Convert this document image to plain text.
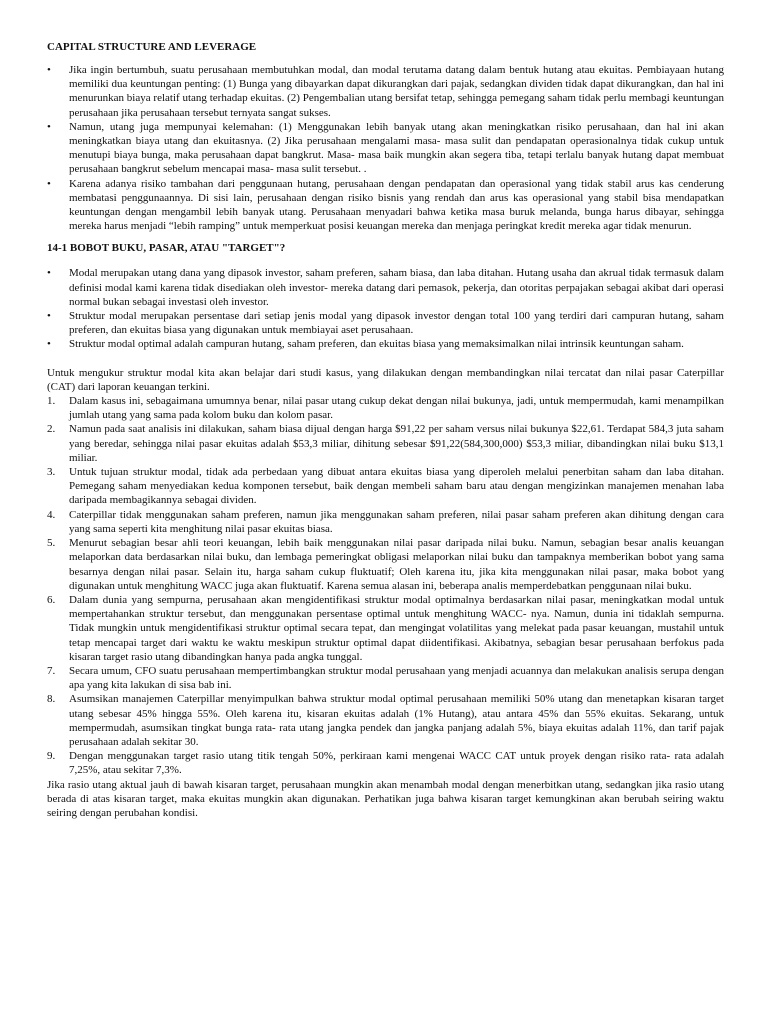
CAPITAL STRUCTURE AND LEVERAGE
•	Jika ingin bertumbuh, suatu perusahaan membutuhkan modal, dan modal terutama datang dalam bentuk hutang atau ekuitas. Pembiayaan hutang memiliki dua keuntungan penting: (1) Bunga yang dibayarkan dapat dikurangkan dari pajak, sedangkan dividen tidak dapat dikurangkan, dan hal ini menurunkan biaya relatif utang terhadap ekuitas. (2) Pengembalian utang bersifat tetap, sehingga pemegang saham tidak perlu membagi keuntungan perusahaan jika perusahaan tersebut ternyata sangat sukses.
•	Namun, utang juga mempunyai kelemahan: (1) Menggunakan lebih banyak utang akan meningkatkan risiko perusahaan, dan hal ini akan meningkatkan biaya utang dan ekuitasnya. (2) Jika perusahaan mengalami masa- masa sulit dan pendapatan operasionalnya tidak cukup untuk menutupi biaya bunga, maka perusahaan dapat bangkrut. Masa- masa baik mungkin akan segera tiba, tetapi terlalu banyak hutang dapat membuat perusahaan bangkrut sebelum mencapai masa- masa sulit tersebut. .
•	Karena adanya risiko tambahan dari penggunaan hutang, perusahaan dengan pendapatan dan operasional yang tidak stabil arus kas cenderung membatasi penggunaannya. Di sisi lain, perusahaan dengan risiko bisnis yang rendah dan arus kas operasional yang stabil bisa mendapatkan keuntungan dengan mengambil lebih banyak utang. Perusahaan menyadari bahwa ketika masa buruk melanda, bunga harus dibayar, sehingga mereka harus menjadi “lebih ramping” untuk memperkuat posisi keuangan mereka dan menjaga peringkat kredit mereka agar tidak menurun.
14-1 BOBOT BUKU, PASAR, ATAU "TARGET"?
•	Modal merupakan utang dana yang dipasok investor, saham preferen, saham biasa, dan laba ditahan. Hutang usaha dan akrual tidak termasuk dalam definisi modal kami karena tidak disediakan oleh investor- mereka datang dari pemasok, pekerja, dan otoritas perpajakan sebagai akibat dari operasi normal bukan sebagai investasi oleh investor.
•	Struktur modal merupakan persentase dari setiap jenis modal yang dipasok investor dengan total 100 yang terdiri dari campuran hutang, saham preferen, dan ekuitas biasa yang digunakan untuk membiayai aset perusahaan.
•	Struktur modal optimal adalah campuran hutang, saham preferen, dan ekuitas biasa yang memaksimalkan nilai intrinsik keuntungan saham.

Untuk mengukur struktur modal kita akan belajar dari studi kasus, yang dilakukan dengan membandingkan nilai tercatat dan nilai pasar Caterpillar (CAT) dari laporan keuangan terkini.

1.	Dalam kasus ini, sebagaimana umumnya benar, nilai pasar utang cukup dekat dengan nilai bukunya, jadi, untuk mempermudah, kami menampilkan jumlah utang yang sama pada kolom buku dan kolom pasar.
2.	Namun pada saat analisis ini dilakukan, saham biasa dijual dengan harga $91,22 per saham versus nilai bukunya $22,61. Terdapat 584,3 juta saham yang beredar, sehingga nilai pasar ekuitas adalah $53,3 miliar, dihitung sebesar $91,22(584,300,000) $53,3 miliar, dibandingkan nilai buku $13,1 miliar.
3.	Untuk tujuan struktur modal, tidak ada perbedaan yang dibuat antara ekuitas biasa yang diperoleh melalui penerbitan saham dan laba ditahan. Pemegang saham menyediakan kedua komponen tersebut, baik dengan membeli saham baru atau dengan mengizinkan manajemen menahan laba daripada membagikannya sebagai dividen.
4.	Caterpillar tidak menggunakan saham preferen, namun jika menggunakan saham preferen, nilai pasar saham preferen akan dihitung dengan cara yang sama seperti kita menghitung nilai pasar ekuitas biasa.
5.	Menurut sebagian besar ahli teori keuangan, lebih baik menggunakan nilai pasar daripada nilai buku. Namun, sebagian besar analis keuangan melaporkan data berdasarkan nilai buku, dan lembaga pemeringkat obligasi melaporkan nilai buku dan tampaknya memberikan bobot yang sama besarnya dengan nilai pasar. Selain itu, harga saham cukup fluktuatif; Oleh karena itu, jika kita menggunakan nilai pasar, maka bobot yang digunakan untuk menghitung WACC juga akan fluktuatif. Karena semua alasan ini, beberapa analis memperdebatkan penggunaan nilai buku.
6.	Dalam dunia yang sempurna, perusahaan akan mengidentifikasi struktur modal optimalnya berdasarkan nilai pasar, meningkatkan modal untuk mempertahankan struktur tersebut, dan menggunakan persentase optimal untuk menghitung WACC- nya. Namun, dunia ini tidaklah sempurna. Tidak mungkin untuk mengidentifikasi struktur optimal secara tepat, dan mengingat volatilitas yang melekat pada pasar keuangan, mustahil untuk tetap mencapai target dari waktu ke waktu meskipun struktur optimal dapat diidentifikasi. Akibatnya, sebagian besar perusahaan berfokus pada kisaran target rasio utang dibandingkan hanya pada angka tunggal.
7.	Secara umum, CFO suatu perusahaan mempertimbangkan struktur modal perusahaan yang menjadi acuannya dan melakukan analisis serupa dengan apa yang kita lakukan di sisa bab ini.
8.	Asumsikan manajemen Caterpillar menyimpulkan bahwa struktur modal optimal perusahaan memiliki 50% utang dan menetapkan kisaran target utang sebesar 45% hingga 55%. Oleh karena itu, kisaran ekuitas adalah (1% Hutang), atau antara 45% dan 55% ekuitas. Sekarang, untuk mempermudah, asumsikan tingkat bunga rata- rata utang jangka pendek dan jangka panjang adalah 5%, biaya ekuitas adalah 11%, dan tarif pajak perusahaan adalah sekitar 30.
9.	Dengan menggunakan target rasio utang titik tengah 50%, perkiraan kami mengenai WACC CAT untuk proyek dengan risiko rata- rata adalah 7,25%, atau sekitar 7,3%.

Jika rasio utang aktual jauh di bawah kisaran target, perusahaan mungkin akan menambah modal dengan menerbitkan utang, sedangkan jika rasio utang berada di atas kisaran target, maka ekuitas mungkin akan digunakan. Perhatikan juga bahwa kisaran target kemungkinan akan berubah seiring waktu seiring dengan perubahan kondisi.
